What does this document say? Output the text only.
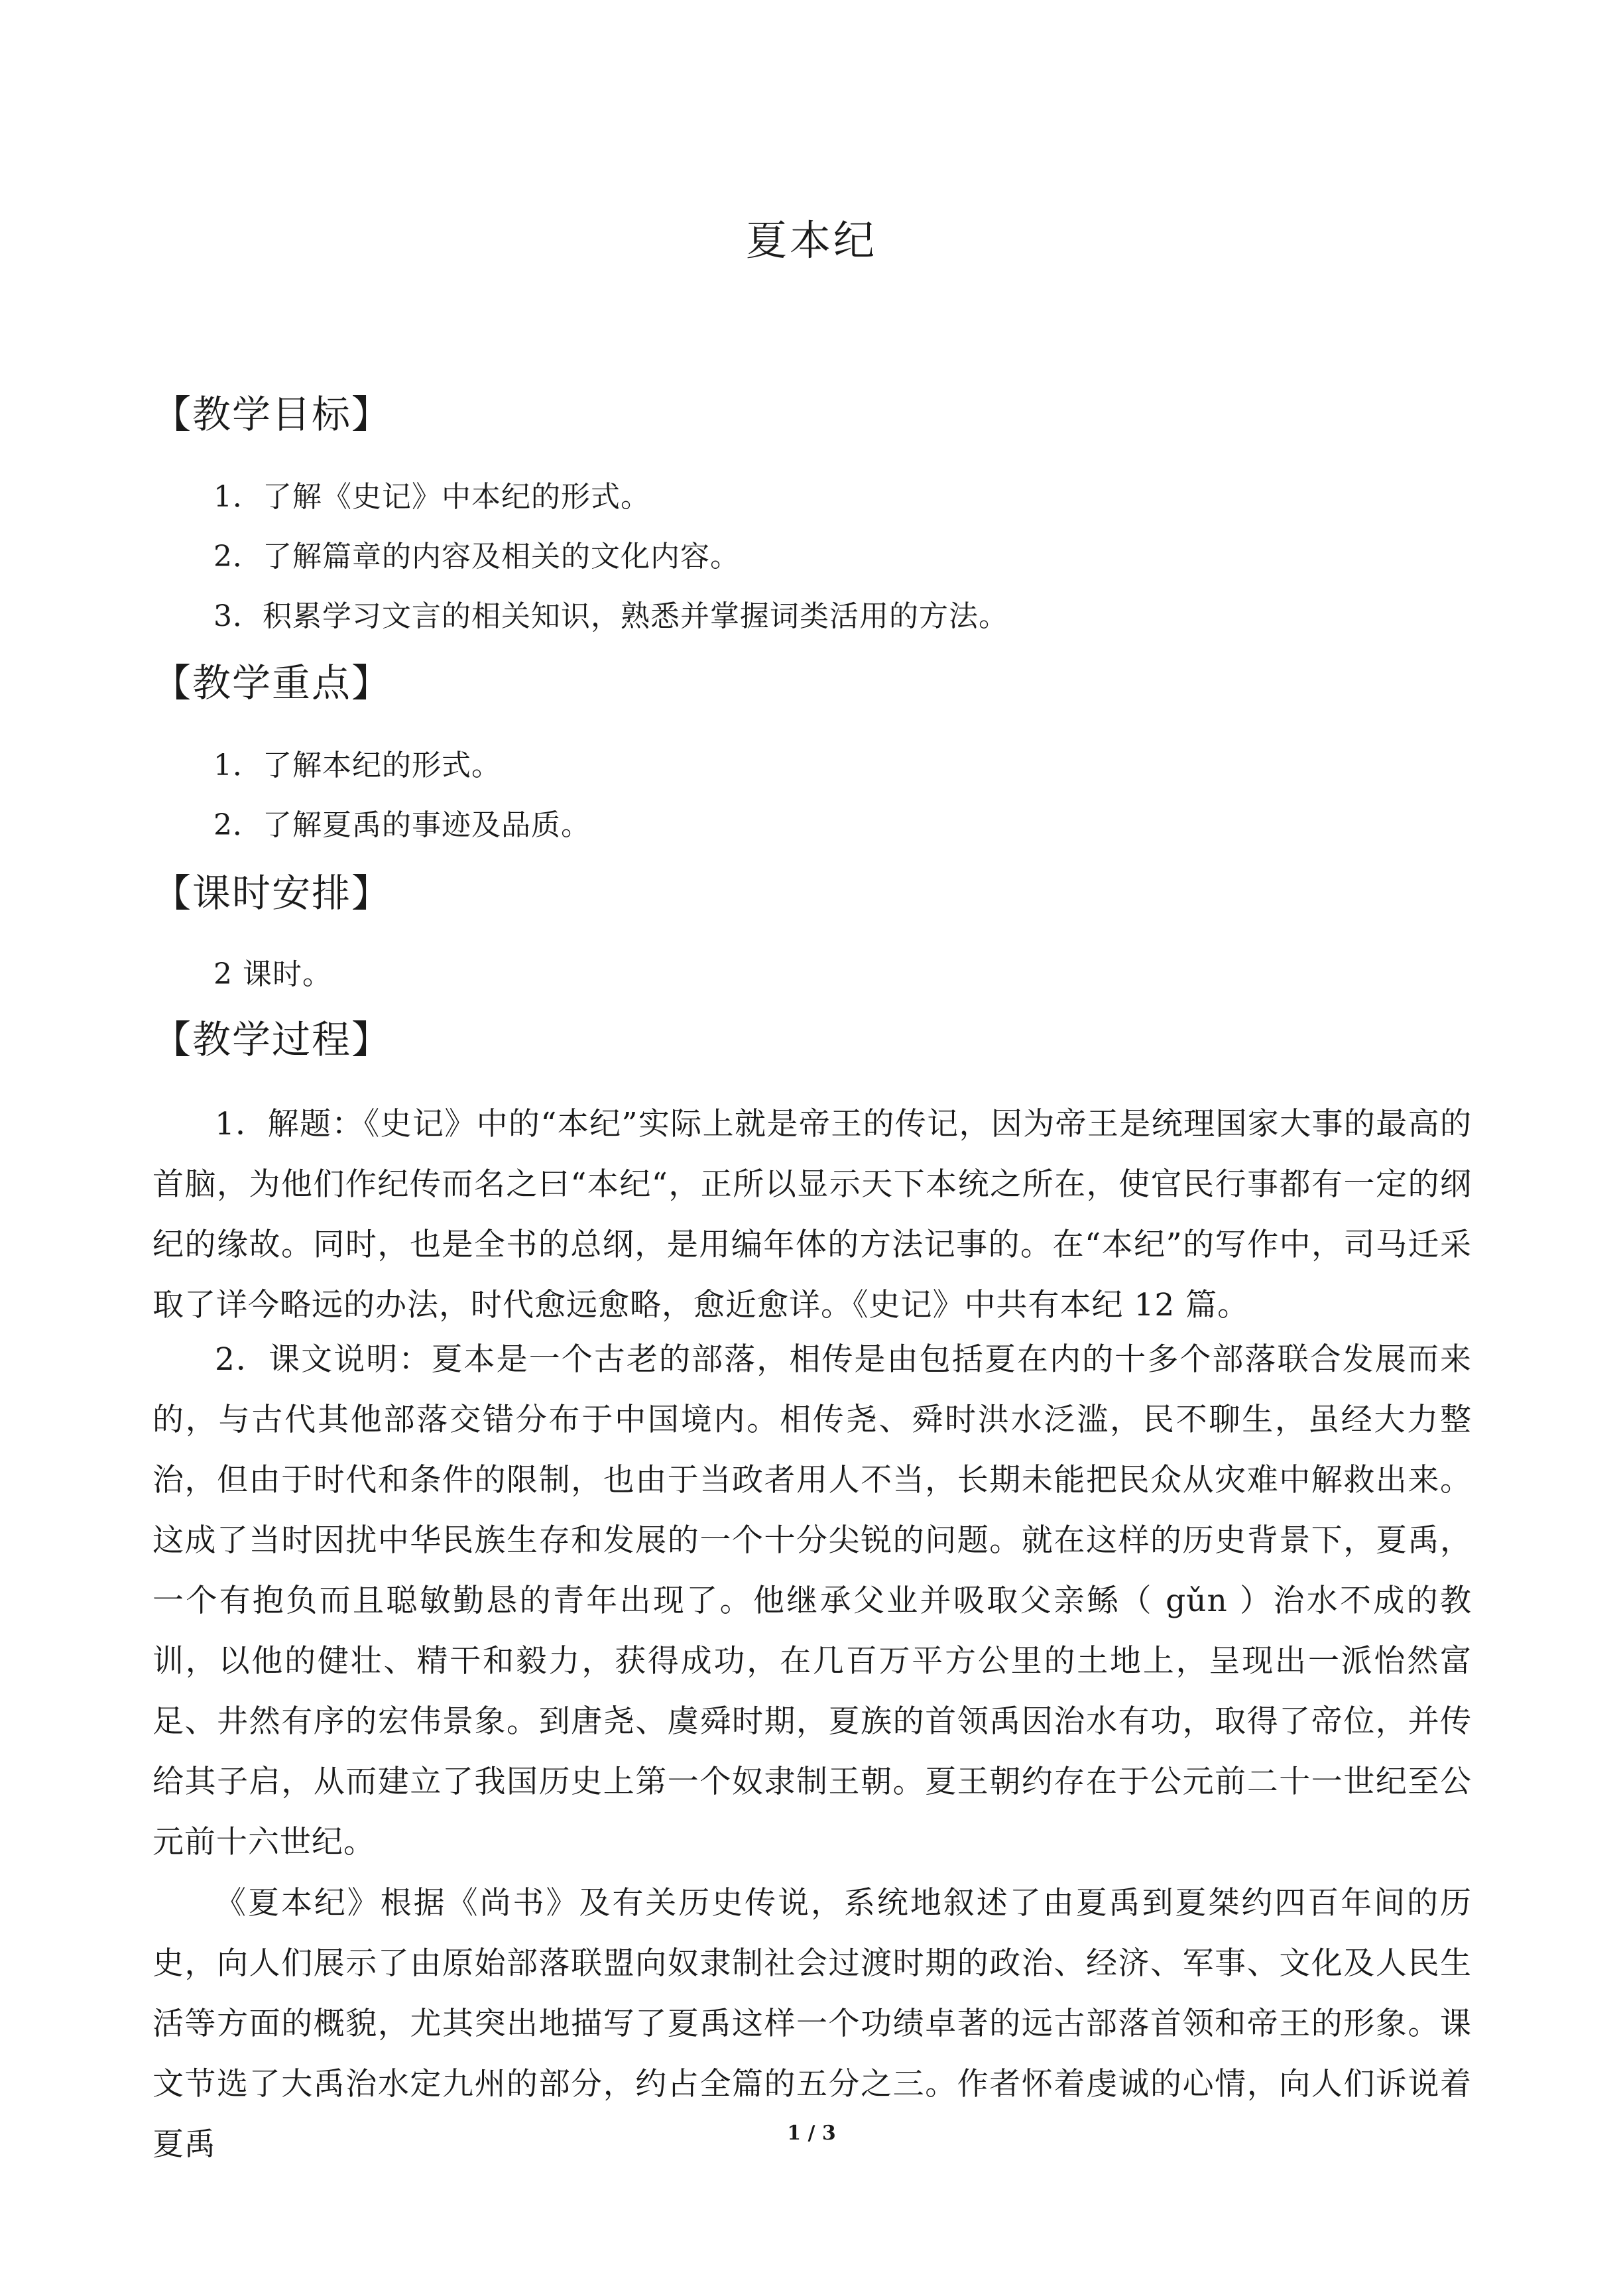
夏本纪
【教学目标】
1．了解《史记》中本纪的形式。
2．了解篇章的内容及相关的文化内容。
3．积累学习文言的相关知识，熟悉并掌握词类活用的方法。
【教学重点】
1．了解本纪的形式。
2．了解夏禹的事迹及品质。
【课时安排】
2 课时。
【教学过程】
1．解题：《史记》中的“本纪”实际上就是帝王的传记，因为帝王是统理国家大事的最高的首脑，为他们作纪传而名之曰“本纪“，正所以显示天下本统之所在，使官民行事都有一定的纲纪的缘故。同时，也是全书的总纲，是用编年体的方法记事的。在“本纪”的写作中，司马迁采取了详今略远的办法，时代愈远愈略，愈近愈详。《史记》中共有本纪 12 篇。
2．课文说明：夏本是一个古老的部落，相传是由包括夏在内的十多个部落联合发展而来的，与古代其他部落交错分布于中国境内。相传尧、舜时洪水泛滥，民不聊生，虽经大力整治，但由于时代和条件的限制，也由于当政者用人不当，长期未能把民众从灾难中解救出来。这成了当时因扰中华民族生存和发展的一个十分尖锐的问题。就在这样的历史背景下，夏禹，一个有抱负而且聪敏勤恳的青年出现了。他继承父业并吸取父亲鲧（ gǔn ）治水不成的教训，以他的健壮、精干和毅力，获得成功，在几百万平方公里的土地上，呈现出一派怡然富足、井然有序的宏伟景象。到唐尧、虞舜时期，夏族的首领禹因治水有功，取得了帝位，并传给其子启，从而建立了我国历史上第一个奴隶制王朝。夏王朝约存在于公元前二十一世纪至公元前十六世纪。
《夏本纪》根据《尚书》及有关历史传说，系统地叙述了由夏禹到夏桀约四百年间的历史，向人们展示了由原始部落联盟向奴隶制社会过渡时期的政治、经济、军事、文化及人民生活等方面的概貌，尤其突出地描写了夏禹这样一个功绩卓著的远古部落首领和帝王的形象。课文节选了大禹治水定九州的部分，约占全篇的五分之三。作者怀着虔诚的心情，向人们诉说着夏禹	1 / 3
